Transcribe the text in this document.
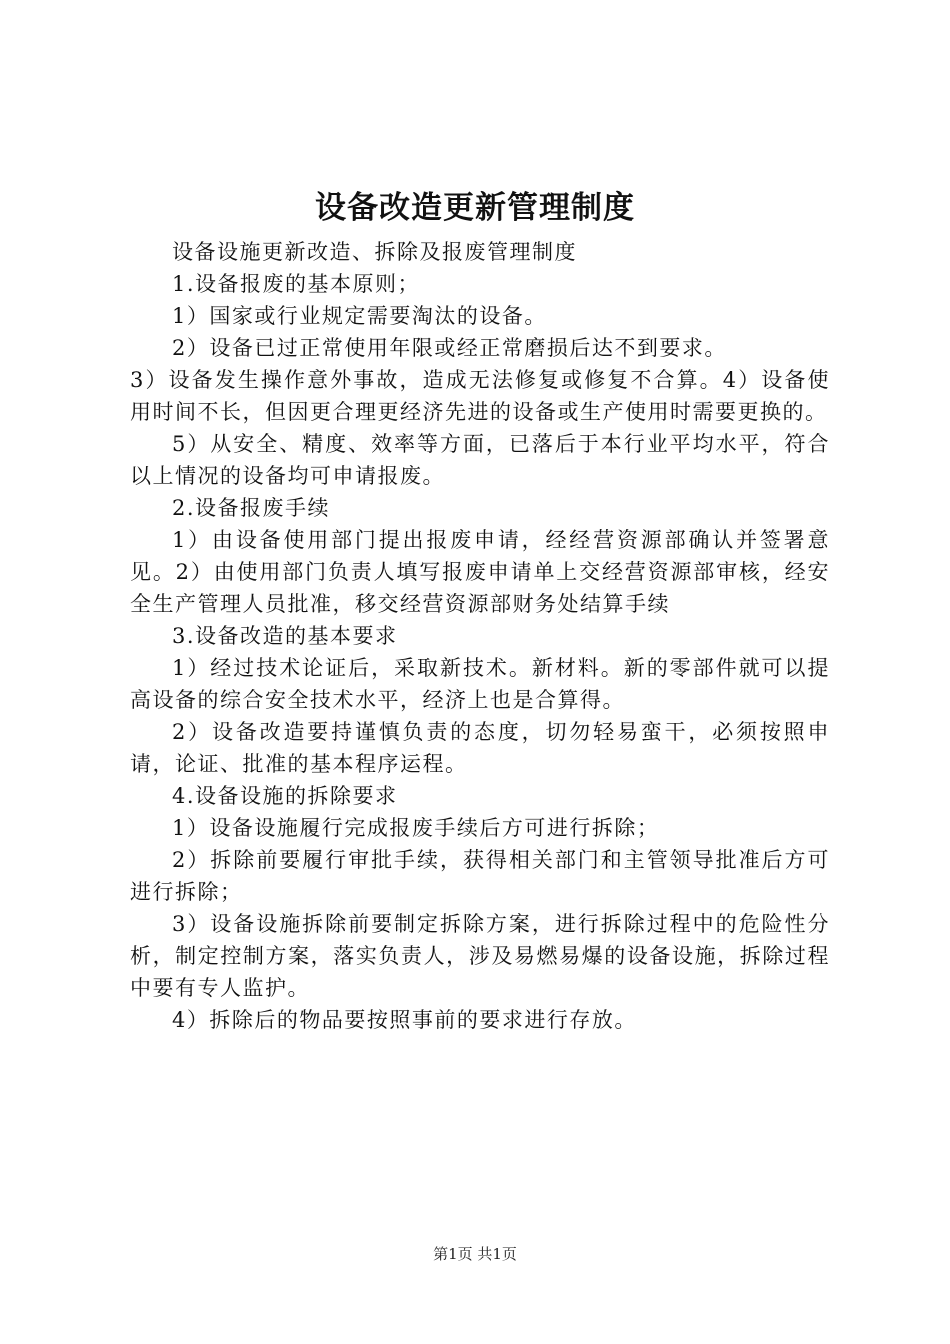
设备改造更新管理制度

设备设施更新改造、拆除及报废管理制度

1.设备报废的基本原则；

1）国家或行业规定需要淘汰的设备。

2）设备已过正常使用年限或经正常磨损后达不到要求。

3）设备发生操作意外事故，造成无法修复或修复不合算。4）设备使用时间不长，但因更合理更经济先进的设备或生产使用时需要更换的。

5）从安全、精度、效率等方面，已落后于本行业平均水平，符合以上情况的设备均可申请报废。

2.设备报废手续

1）由设备使用部门提出报废申请，经经营资源部确认并签署意见。2）由使用部门负责人填写报废申请单上交经营资源部审核，经安全生产管理人员批准，移交经营资源部财务处结算手续

3.设备改造的基本要求

1）经过技术论证后，采取新技术。新材料。新的零部件就可以提高设备的综合安全技术水平，经济上也是合算得。

2）设备改造要持谨慎负责的态度，切勿轻易蛮干，必须按照申请，论证、批准的基本程序运程。

4.设备设施的拆除要求

1）设备设施履行完成报废手续后方可进行拆除；

2）拆除前要履行审批手续，获得相关部门和主管领导批准后方可进行拆除；

3）设备设施拆除前要制定拆除方案，进行拆除过程中的危险性分析，制定控制方案，落实负责人，涉及易燃易爆的设备设施，拆除过程中要有专人监护。

4）拆除后的物品要按照事前的要求进行存放。

第1页 共1页
